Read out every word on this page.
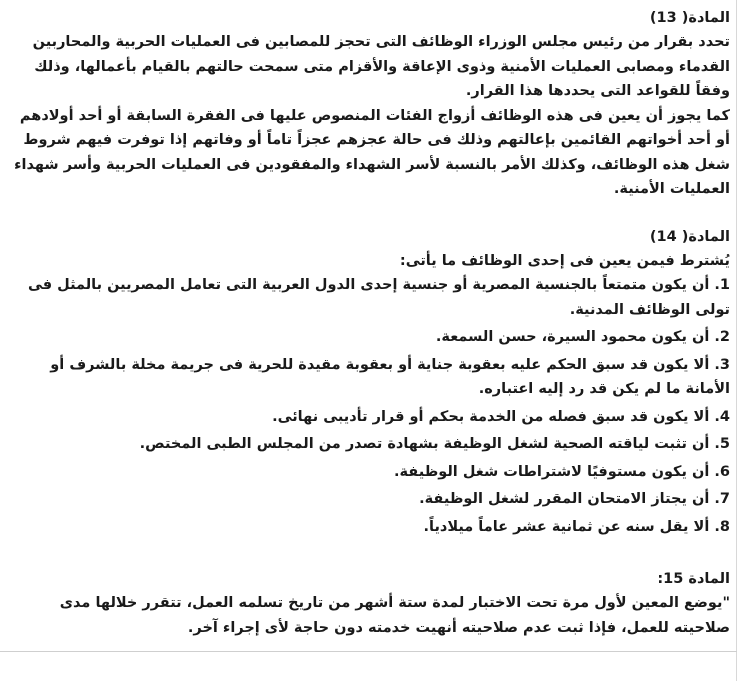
المادة( 13)

تحدد بقرار من رئيس مجلس الوزراء الوظائف التى تحجز للمصابين فى العمليات الحربية والمحاربين القدماء ومصابى العمليات الأمنية وذوى الإعاقة والأقزام متى سمحت حالتهم بالقيام بأعمالها، وذلك وفقاً للقواعد التى يحددها هذا القرار.

كما يجوز أن يعين فى هذه الوظائف أزواج الفئات المنصوص عليها فى الفقرة السابقة أو أحد أولادهم أو أحد أخواتهم القائمين بإعالتهم وذلك فى حالة عجزهم عجزاً تاماً أو وفاتهم إذا توفرت فيهم شروط شغل هذه الوظائف، وكذلك الأمر بالنسبة لأسر الشهداء والمفقودين فى العمليات الحربية وأسر شهداء العمليات الأمنية.

المادة( 14)

يُشترط فيمن يعين فى إحدى الوظائف ما يأتى:

1. أن يكون متمتعاً بالجنسية المصرية أو جنسية إحدى الدول العربية التى تعامل المصريين بالمثل فى تولى الوظائف المدنية.
2. أن يكون محمود السيرة، حسن السمعة.
3. ألا يكون قد سبق الحكم عليه بعقوبة جناية أو بعقوبة مقيدة للحرية فى جريمة مخلة بالشرف أو الأمانة ما لم يكن قد رد إليه اعتباره.
4. ألا يكون قد سبق فصله من الخدمة بحكم أو قرار تأديبى نهائى.
5. أن تثبت لياقته الصحية لشغل الوظيفة بشهادة تصدر من المجلس الطبى المختص.
6. أن يكون مستوفيًا لاشتراطات شغل الوظيفة.
7. أن يجتاز الامتحان المقرر لشغل الوظيفة.
8. ألا يقل سنه عن ثمانية عشر عاماً ميلادياً.
المادة 15:

"يوضع المعين لأول مرة تحت الاختبار لمدة ستة أشهر من تاريخ تسلمه العمل، تتقرر خلالها مدى صلاحيته للعمل، فإذا ثبت عدم صلاحيته أنهيت خدمته دون حاجة لأى إجراء آخر.
